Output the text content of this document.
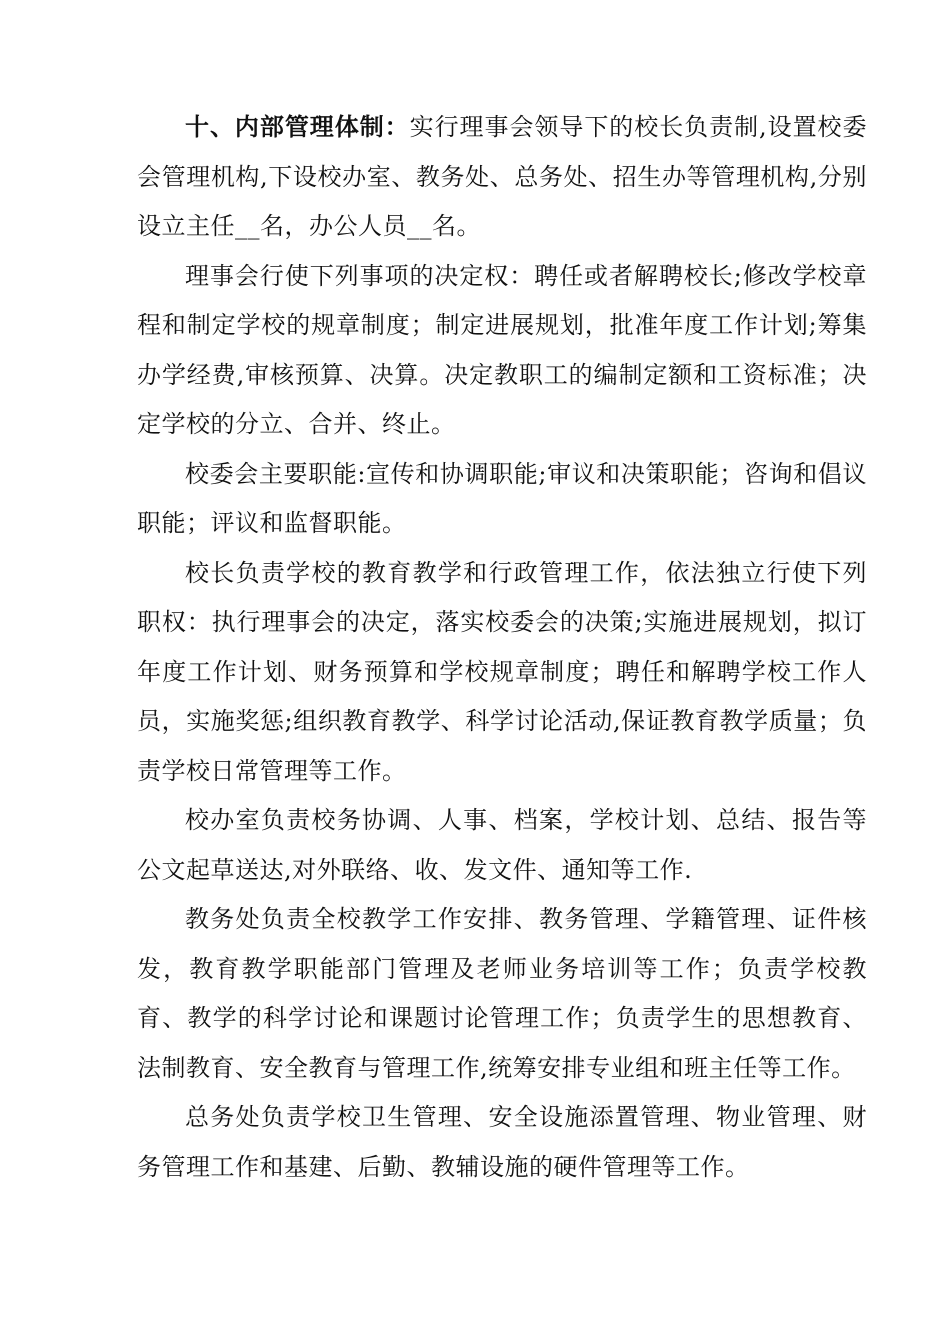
十、内部管理体制：实行理事会领导下的校长负责制,设置校委会管理机构,下设校办室、教务处、总务处、招生办等管理机构,分别设立主任__名，办公人员__名。

理事会行使下列事项的决定权：聘任或者解聘校长;修改学校章程和制定学校的规章制度；制定进展规划，批准年度工作计划;筹集办学经费,审核预算、决算。决定教职工的编制定额和工资标准；决定学校的分立、合并、终止。

校委会主要职能:宣传和协调职能;审议和决策职能；咨询和倡议职能；评议和监督职能。

校长负责学校的教育教学和行政管理工作，依法独立行使下列职权：执行理事会的决定，落实校委会的决策;实施进展规划，拟订年度工作计划、财务预算和学校规章制度；聘任和解聘学校工作人员，实施奖惩;组织教育教学、科学讨论活动,保证教育教学质量；负责学校日常管理等工作。

校办室负责校务协调、人事、档案，学校计划、总结、报告等公文起草送达,对外联络、收、发文件、通知等工作.

教务处负责全校教学工作安排、教务管理、学籍管理、证件核发，教育教学职能部门管理及老师业务培训等工作；负责学校教育、教学的科学讨论和课题讨论管理工作；负责学生的思想教育、法制教育、安全教育与管理工作,统筹安排专业组和班主任等工作。

总务处负责学校卫生管理、安全设施添置管理、物业管理、财务管理工作和基建、后勤、教辅设施的硬件管理等工作。
